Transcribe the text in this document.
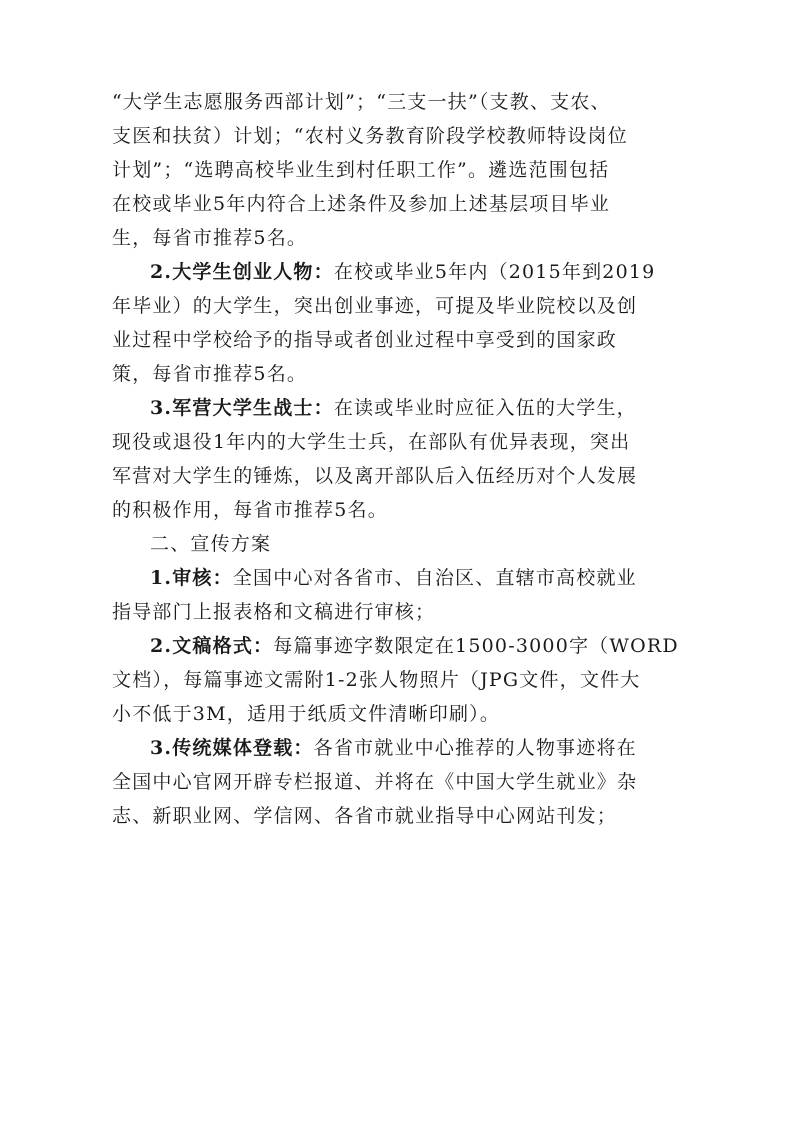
“大学生志愿服务西部计划”；“三支一扶”（支教、支农、
支医和扶贫）计划；“农村义务教育阶段学校教师特设岗位
计划”；“选聘高校毕业生到村任职工作”。遴选范围包括
在校或毕业5年内符合上述条件及参加上述基层项目毕业
生，每省市推荐5名。
2.大学生创业人物：在校或毕业5年内（2015年到2019
年毕业）的大学生，突出创业事迹，可提及毕业院校以及创
业过程中学校给予的指导或者创业过程中享受到的国家政
策，每省市推荐5名。
3.军营大学生战士：在读或毕业时应征入伍的大学生，
现役或退役1年内的大学生士兵，在部队有优异表现，突出
军营对大学生的锤炼，以及离开部队后入伍经历对个人发展
的积极作用，每省市推荐5名。
二、宣传方案
1.审核：全国中心对各省市、自治区、直辖市高校就业
指导部门上报表格和文稿进行审核；
2.文稿格式：每篇事迹字数限定在1500-3000字（WORD
文档），每篇事迹文需附1-2张人物照片（JPG文件，文件大
小不低于3M，适用于纸质文件清晰印刷）。
3.传统媒体登载：各省市就业中心推荐的人物事迹将在
全国中心官网开辟专栏报道、并将在《中国大学生就业》杂
志、新职业网、学信网、各省市就业指导中心网站刊发；
